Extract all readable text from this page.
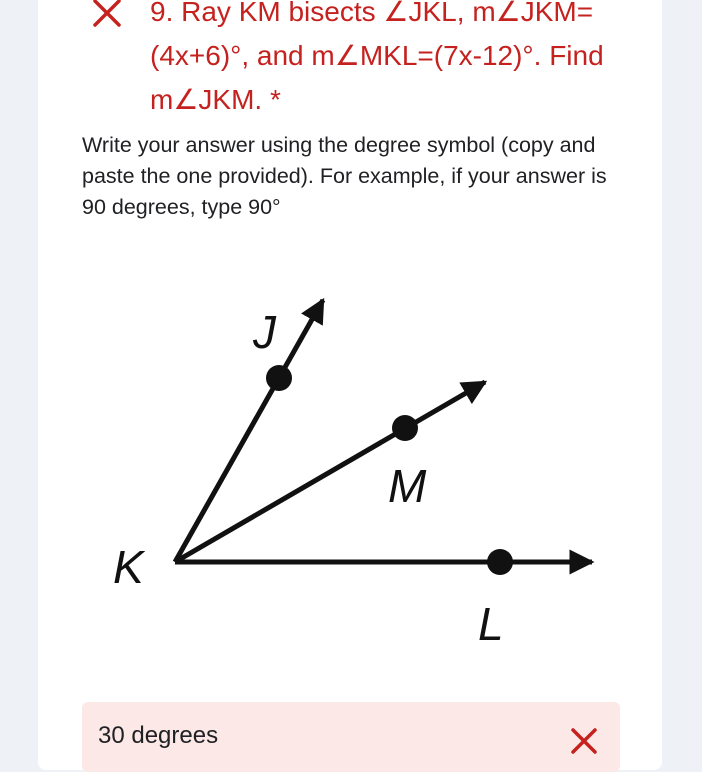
9. Ray KM bisects ∠JKL, m∠JKM=(4x+6)°, and m∠MKL=(7x-12)°. Find m∠JKM. *

Write your answer using the degree symbol (copy and paste the one provided). For example, if your answer is 90 degrees, type 90°

J
K
M
L
30 degrees
